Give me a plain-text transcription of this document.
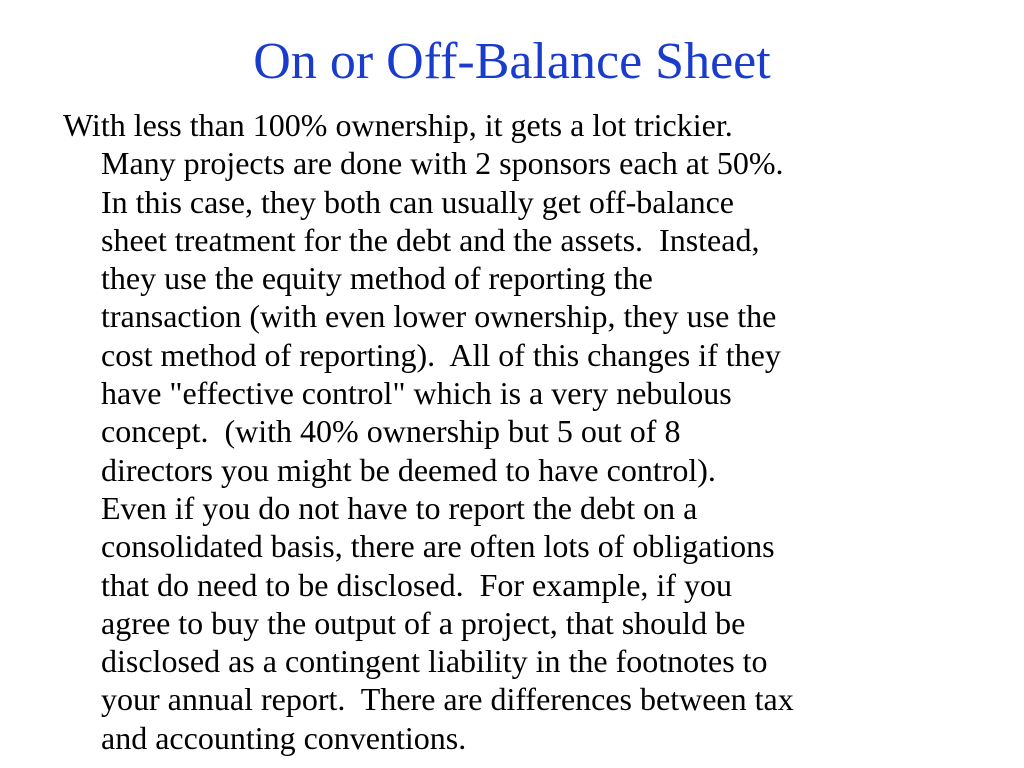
On or Off-Balance Sheet
With less than 100% ownership, it gets a lot trickier.
Many projects are done with 2 sponsors each at 50%.
In this case, they both can usually get off-balance
sheet treatment for the debt and the assets.  Instead,
they use the equity method of reporting the
transaction (with even lower ownership, they use the
cost method of reporting).  All of this changes if they
have "effective control" which is a very nebulous
concept.  (with 40% ownership but 5 out of 8
directors you might be deemed to have control).
Even if you do not have to report the debt on a
consolidated basis, there are often lots of obligations
that do need to be disclosed.  For example, if you
agree to buy the output of a project, that should be
disclosed as a contingent liability in the footnotes to
your annual report.  There are differences between tax
and accounting conventions.
